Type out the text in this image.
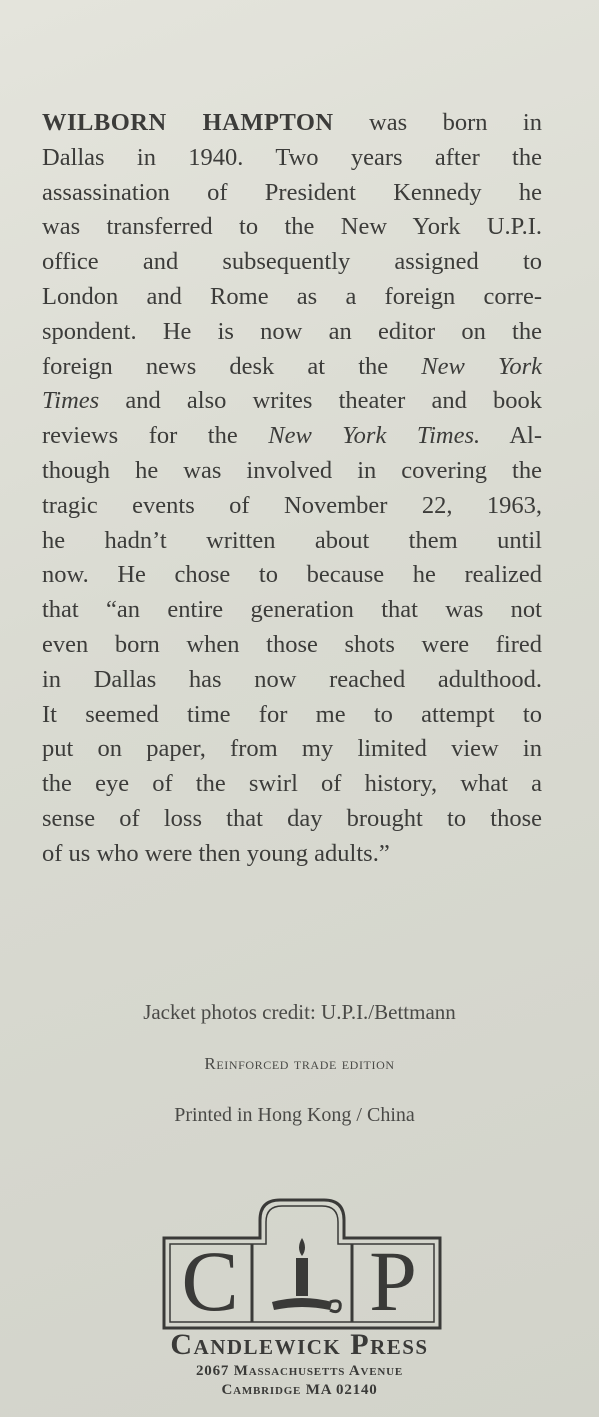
WILBORN HAMPTON was born in
Dallas in 1940. Two years after the
assassination of President Kennedy he
was transferred to the New York U.P.I.
office and subsequently assigned to
London and Rome as a foreign corre-
spondent. He is now an editor on the
foreign news desk at the New York
Times and also writes theater and book
reviews for the New York Times. Al-
though he was involved in covering the
tragic events of November 22, 1963,
he hadn’t written about them until
now. He chose to because he realized
that “an entire generation that was not
even born when those shots were fired
in Dallas has now reached adulthood.
It seemed time for me to attempt to
put on paper, from my limited view in
the eye of the swirl of history, what a
sense of loss that day brought to those
of us who were then young adults.”
Jacket photos credit: U.P.I./Bettmann
Reinforced trade edition
Printed in Hong Kong / China
C P
Candlewick Press
2067 Massachusetts Avenue
Cambridge MA 02140
